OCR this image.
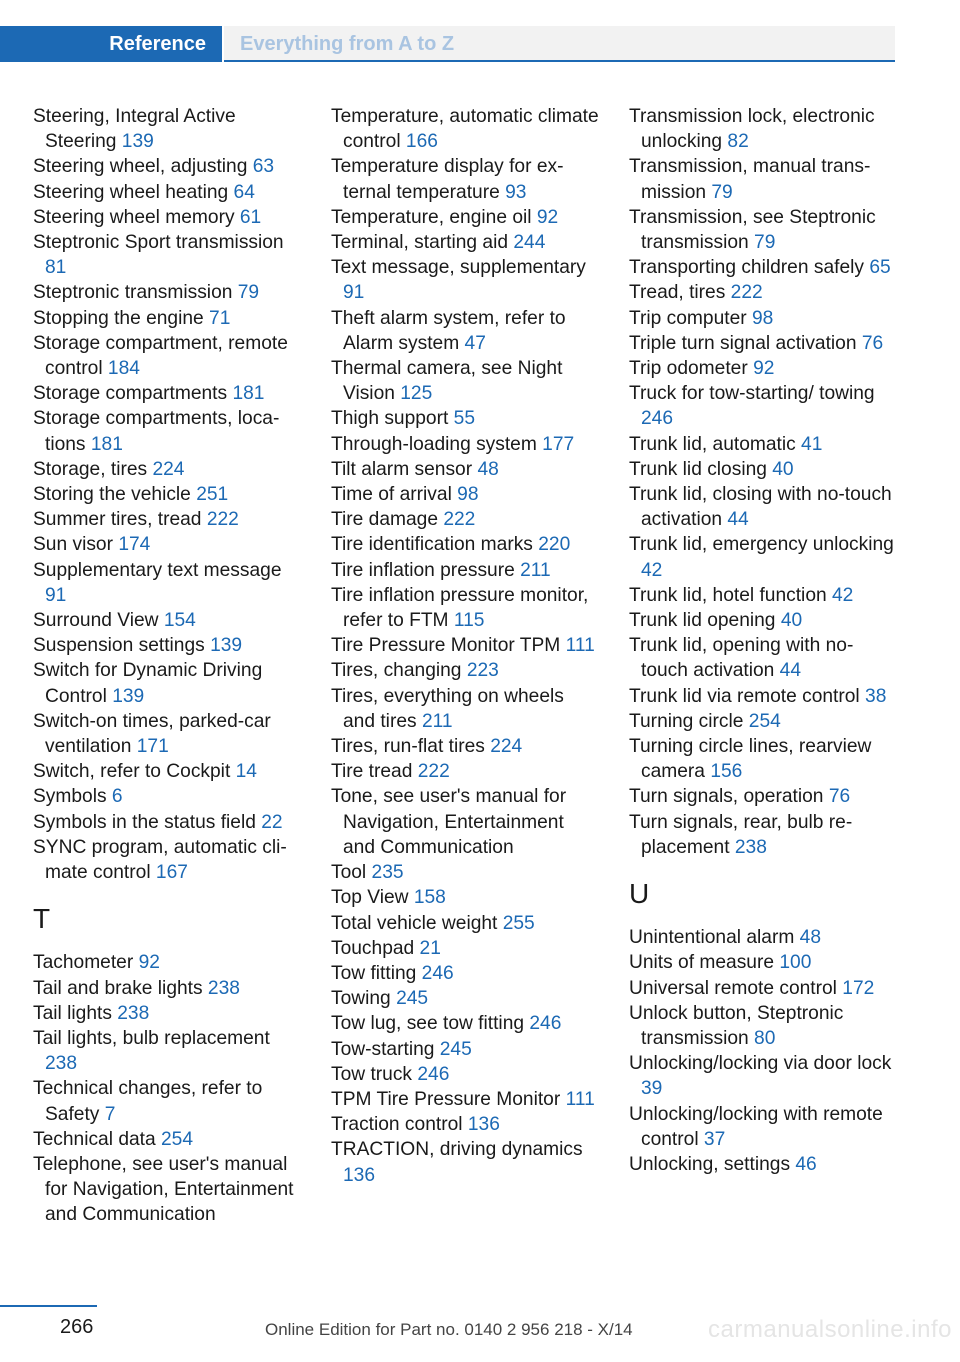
Reference	Everything from A to Z
Steering, Integral Active Steering 139
Steering wheel, adjusting 63
Steering wheel heating 64
Steering wheel memory 61
Steptronic Sport transmission 81
Steptronic transmission 79
Stopping the engine 71
Storage compartment, remote control 184
Storage compartments 181
Storage compartments, locations 181
Storage, tires 224
Storing the vehicle 251
Summer tires, tread 222
Sun visor 174
Supplementary text message 91
Surround View 154
Suspension settings 139
Switch for Dynamic Driving Control 139
Switch-on times, parked-car ventilation 171
Switch, refer to Cockpit 14
Symbols 6
Symbols in the status field 22
SYNC program, automatic climate control 167
T
Tachometer 92
Tail and brake lights 238
Tail lights 238
Tail lights, bulb replacement 238
Technical changes, refer to Safety 7
Technical data 254
Telephone, see user's manual for Navigation, Entertainment and Communication
Temperature, automatic climate control 166
Temperature display for external temperature 93
Temperature, engine oil 92
Terminal, starting aid 244
Text message, supplementary 91
Theft alarm system, refer to Alarm system 47
Thermal camera, see Night Vision 125
Thigh support 55
Through-loading system 177
Tilt alarm sensor 48
Time of arrival 98
Tire damage 222
Tire identification marks 220
Tire inflation pressure 211
Tire inflation pressure monitor, refer to FTM 115
Tire Pressure Monitor TPM 111
Tires, changing 223
Tires, everything on wheels and tires 211
Tires, run-flat tires 224
Tire tread 222
Tone, see user's manual for Navigation, Entertainment and Communication
Tool 235
Top View 158
Total vehicle weight 255
Touchpad 21
Tow fitting 246
Towing 245
Tow lug, see tow fitting 246
Tow-starting 245
Tow truck 246
TPM Tire Pressure Monitor 111
Traction control 136
TRACTION, driving dynamics 136
Transmission lock, electronic unlocking 82
Transmission, manual transmission 79
Transmission, see Steptronic transmission 79
Transporting children safely 65
Tread, tires 222
Trip computer 98
Triple turn signal activation 76
Trip odometer 92
Truck for tow-starting/ towing 246
Trunk lid, automatic 41
Trunk lid closing 40
Trunk lid, closing with no-touch activation 44
Trunk lid, emergency unlocking 42
Trunk lid, hotel function 42
Trunk lid opening 40
Trunk lid, opening with no-touch activation 44
Trunk lid via remote control 38
Turning circle 254
Turning circle lines, rearview camera 156
Turn signals, operation 76
Turn signals, rear, bulb replacement 238
U
Unintentional alarm 48
Units of measure 100
Universal remote control 172
Unlock button, Steptronic transmission 80
Unlocking/locking via door lock 39
Unlocking/locking with remote control 37
Unlocking, settings 46
266	Online Edition for Part no. 0140 2 956 218 - X/14	carmanualsonline.info
